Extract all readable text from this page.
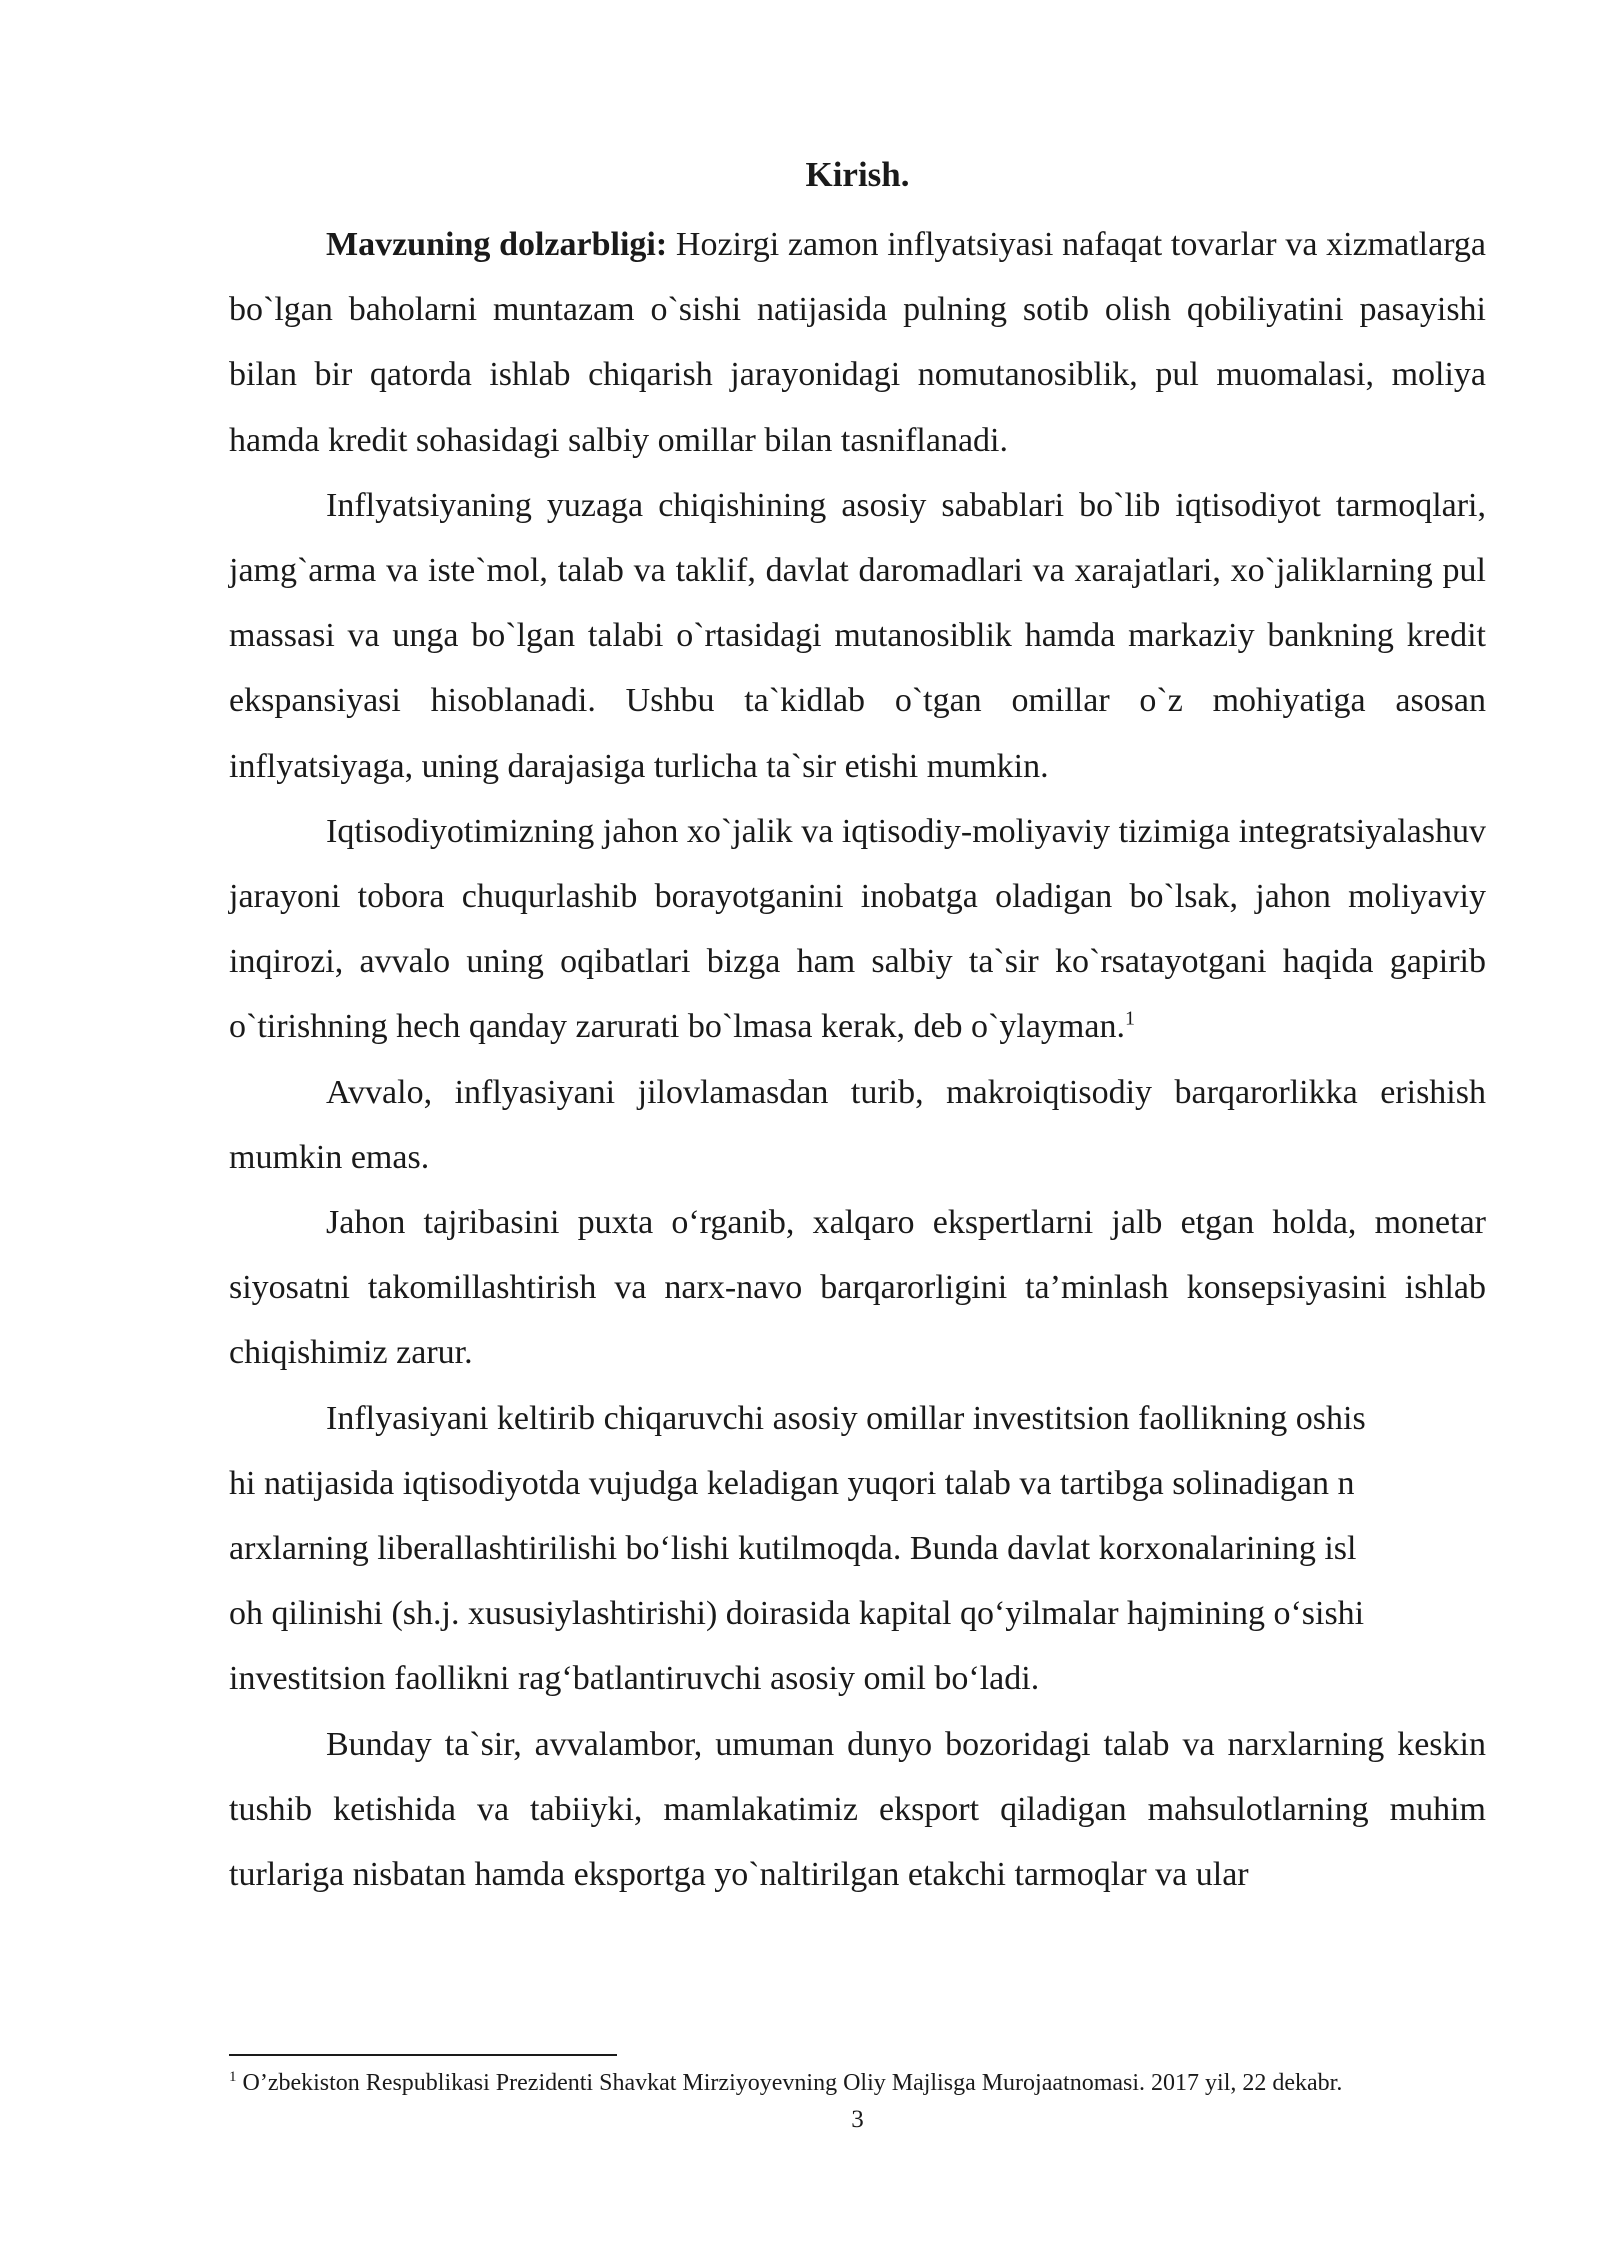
Kirish.

Mavzuning dolzarbligi: Hozirgi zamon inflyatsiyasi nafaqat tovarlar va xizmatlarga bo`lgan baholarni muntazam o`sishi natijasida pulning sotib olish qobiliyatini pasayishi bilan bir qatorda ishlab chiqarish jarayonidagi nomutanosiblik, pul muomalasi, moliya hamda kredit sohasidagi salbiy omillar bilan tasniflanadi.

Inflyatsiyaning yuzaga chiqishining asosiy sabablari bo`lib iqtisodiyot tarmoqlari, jamg`arma va iste`mol, talab va taklif, davlat daromadlari va xarajatlari, xo`jaliklarning pul massasi va unga bo`lgan talabi o`rtasidagi mutanosiblik hamda markaziy bankning kredit ekspansiyasi hisoblanadi. Ushbu ta`kidlab o`tgan omillar o`z mohiyatiga asosan inflyatsiyaga, uning darajasiga turlicha ta`sir etishi mumkin.

Iqtisodiyotimizning jahon xo`jalik va iqtisodiy-moliyaviy tizimiga integratsiyalashuv jarayoni tobora chuqurlashib borayotganini inobatga oladigan bo`lsak, jahon moliyaviy inqirozi, avvalo uning oqibatlari bizga ham salbiy ta`sir ko`rsatayotgani haqida gapirib o`tirishning hech qanday zarurati bo`lmasa kerak, deb o`ylayman.$^1$

Avvalo, inflyasiyani jilovlamasdan turib, makroiqtisodiy barqarorlikka erishish mumkin emas.

Jahon tajribasini puxta o‘rganib, xalqaro ekspertlarni jalb etgan holda, monetar siyosatni takomillashtirish va narx-navo barqarorligini ta’minlash konsepsiyasini ishlab chiqishimiz zarur.

Inflyasiyani keltirib chiqaruvchi asosiy omillar investitsion faollikning oshis
hi natijasida iqtisodiyotda vujudga keladigan yuqori talab va tartibga solinadigan n
arxlarning liberallashtirilishi bo‘lishi kutilmoqda. Bunda davlat korxonalarining isl
oh qilinishi (sh.j. xususiylashtirishi) doirasida kapital qo‘yilmalar hajmining o‘sishi
investitsion faollikni rag‘batlantiruvchi asosiy omil bo‘ladi.

Bunday ta`sir, avvalambor, umuman dunyo bozoridagi talab va narxlarning keskin tushib ketishida va tabiiyki, mamlakatimiz eksport qiladigan mahsulotlarning muhim turlariga nisbatan hamda eksportga yo`naltirilgan etakchi tarmoqlar va ular

$^1$ O’zbekiston Respublikasi Prezidenti Shavkat Mirziyoyevning Oliy Majlisga Murojaatnomasi. 2017 yil, 22 dekabr.

3
